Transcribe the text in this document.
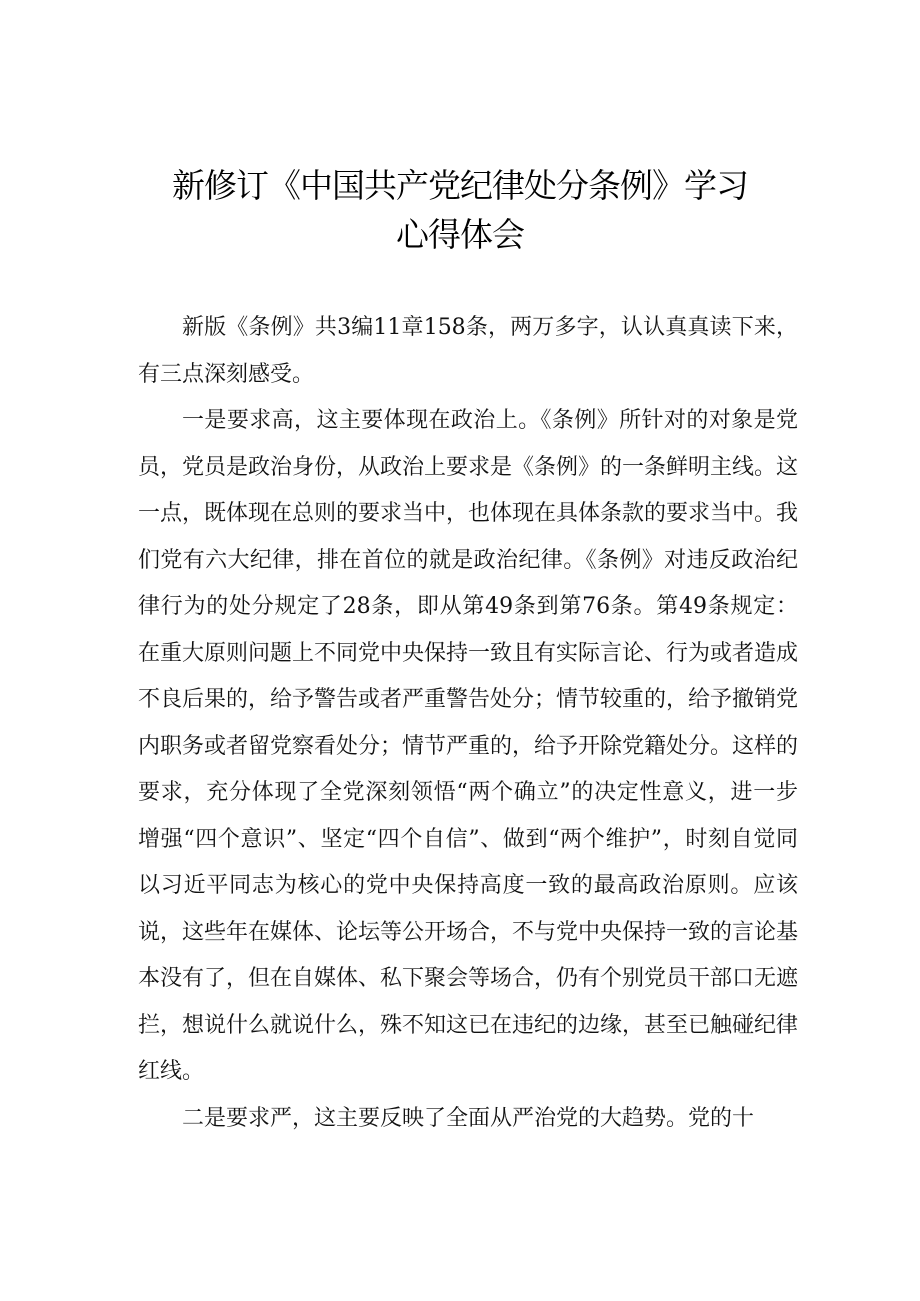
新修订《中国共产党纪律处分条例》学习
心得体会

新版《条例》共3编11章158条，两万多字，认认真真读下来，有三点深刻感受。

一是要求高，这主要体现在政治上。《条例》所针对的对象是党员，党员是政治身份，从政治上要求是《条例》的一条鲜明主线。这一点，既体现在总则的要求当中，也体现在具体条款的要求当中。我们党有六大纪律，排在首位的就是政治纪律。《条例》对违反政治纪律行为的处分规定了28条，即从第49条到第76条。第49条规定：在重大原则问题上不同党中央保持一致且有实际言论、行为或者造成不良后果的，给予警告或者严重警告处分；情节较重的，给予撤销党内职务或者留党察看处分；情节严重的，给予开除党籍处分。这样的要求，充分体现了全党深刻领悟“两个确立”的决定性意义，进一步增强“四个意识”、坚定“四个自信”、做到“两个维护”，时刻自觉同以习近平同志为核心的党中央保持高度一致的最高政治原则。应该说，这些年在媒体、论坛等公开场合，不与党中央保持一致的言论基本没有了，但在自媒体、私下聚会等场合，仍有个别党员干部口无遮拦，想说什么就说什么，殊不知这已在违纪的边缘，甚至已触碰纪律红线。

二是要求严，这主要反映了全面从严治党的大趋势。党的十
